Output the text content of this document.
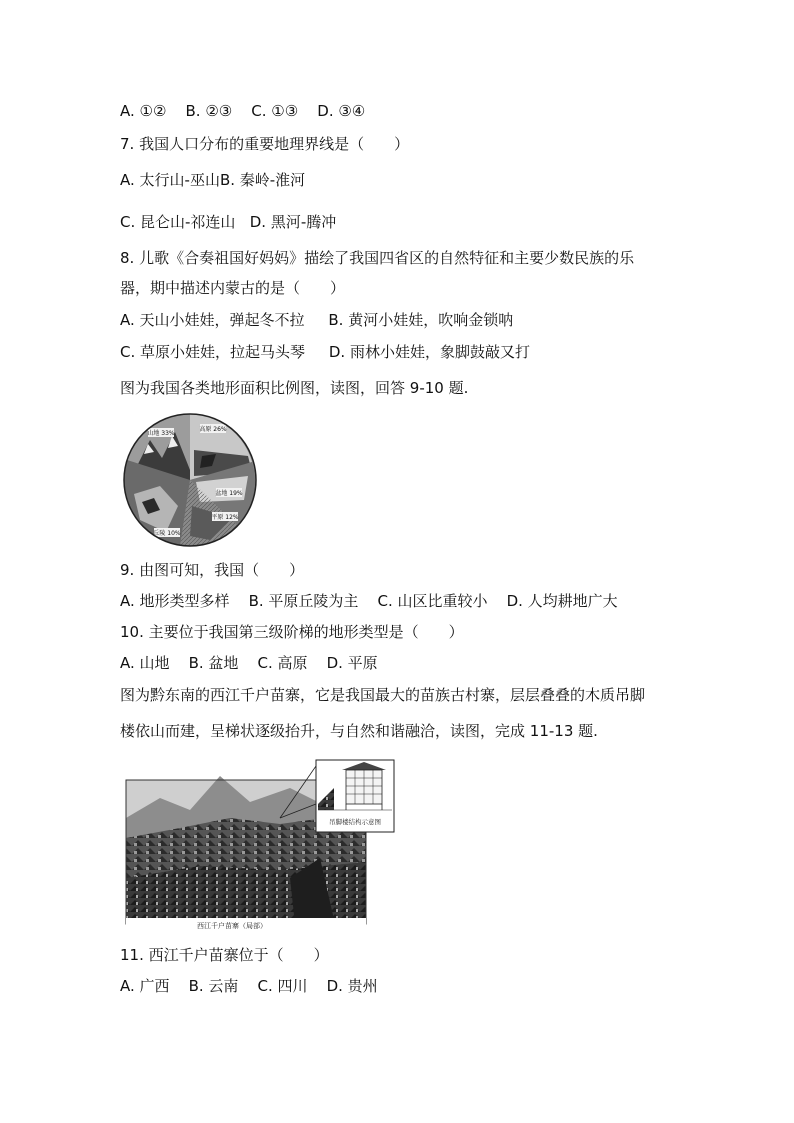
A. ①②    B. ②③    C. ①③    D. ③④
7. 我国人口分布的重要地理界线是（　　）
A. 太行山-巫山B. 秦岭-淮河
C. 昆仑山-祁连山   D. 黑河-腾冲
8. 儿歌《合奏祖国好妈妈》描绘了我国四省区的自然特征和主要少数民族的乐
器，期中描述内蒙古的是（　　）
A. 天山小娃娃，弹起冬不拉     B. 黄河小娃娃，吹响金锁呐
C. 草原小娃娃，拉起马头琴     D. 雨林小娃娃，象脚鼓敲又打
图为我国各类地形面积比例图，读图，回答 9-10 题.
山地 33%
高原 26%
盆地 19%
平原 12%
丘陵 10%
9. 由图可知，我国（　　）
A. 地形类型多样    B. 平原丘陵为主    C. 山区比重较小    D. 人均耕地广大
10. 主要位于我国第三级阶梯的地形类型是（　　）
A. 山地    B. 盆地    C. 高原    D. 平原
图为黔东南的西江千户苗寨，它是我国最大的苗族古村寨，层层叠叠的木质吊脚
楼依山而建，呈梯状逐级抬升，与自然和谐融洽，读图，完成 11-13 题.
西江千户苗寨（局部）
吊脚楼结构示意图
11. 西江千户苗寨位于（　　）
A. 广西    B. 云南    C. 四川    D. 贵州
